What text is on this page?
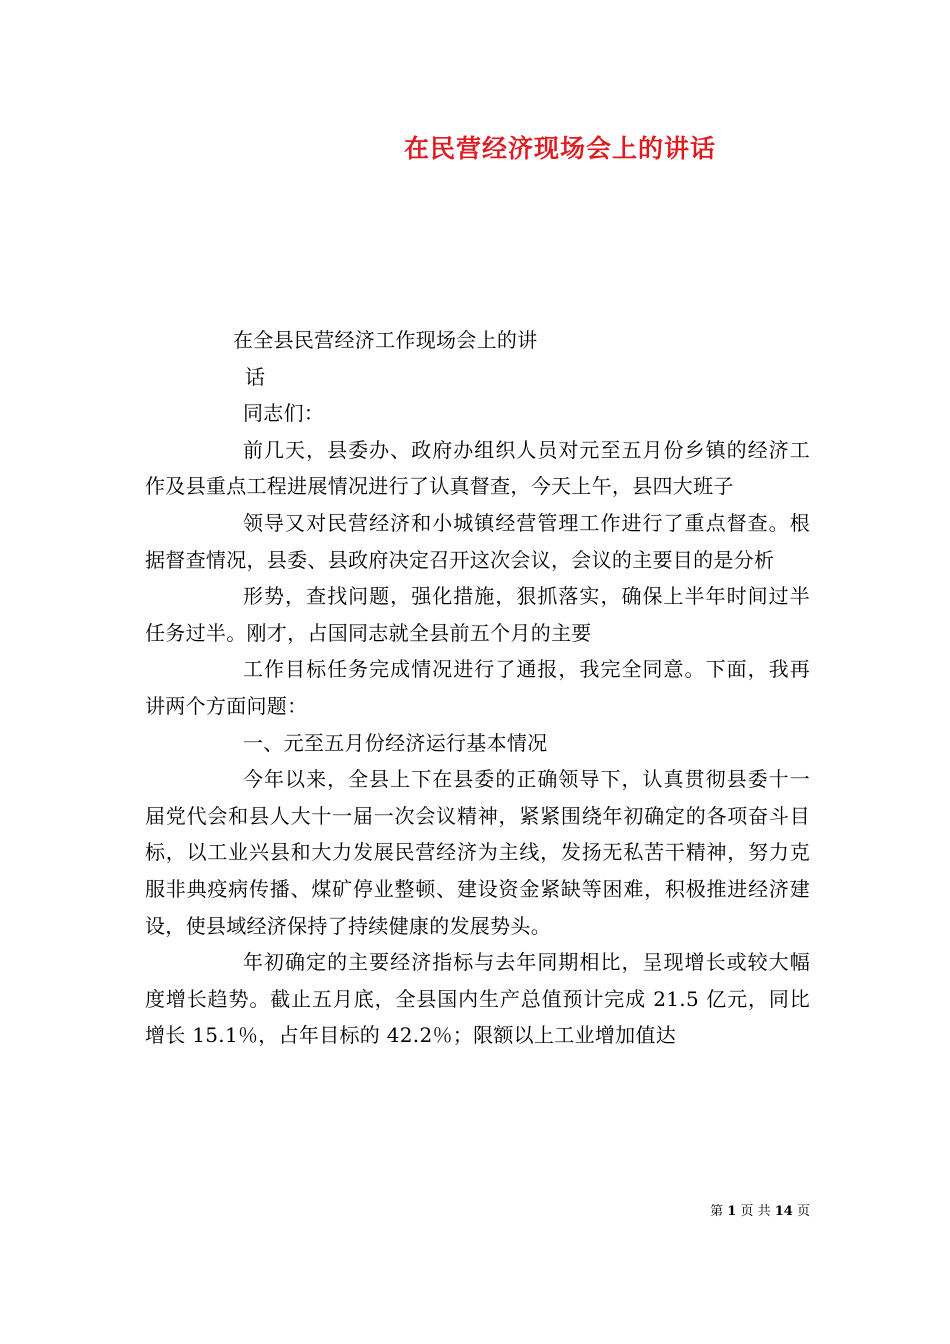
在民营经济现场会上的讲话

在全县民营经济工作现场会上的讲

话

同志们：

前几天，县委办、政府办组织人员对元至五月份乡镇的经济工作及县重点工程进展情况进行了认真督查，今天上午，县四大班子

领导又对民营经济和小城镇经营管理工作进行了重点督查。根据督查情况，县委、县政府决定召开这次会议，会议的主要目的是分析

形势，查找问题，强化措施，狠抓落实，确保上半年时间过半任务过半。刚才，占国同志就全县前五个月的主要

工作目标任务完成情况进行了通报，我完全同意。下面，我再讲两个方面问题：

一、元至五月份经济运行基本情况

今年以来，全县上下在县委的正确领导下，认真贯彻县委十一届党代会和县人大十一届一次会议精神，紧紧围绕年初确定的各项奋斗目标，以工业兴县和大力发展民营经济为主线，发扬无私苦干精神，努力克服非典疫病传播、煤矿停业整顿、建设资金紧缺等困难，积极推进经济建设，使县域经济保持了持续健康的发展势头。

年初确定的主要经济指标与去年同期相比，呈现增长或较大幅度增长趋势。截止五月底，全县国内生产总值预计完成 21.5 亿元，同比增长 15.1％，占年目标的 42.2％；限额以上工业增加值达

第 1 页 共 14 页
